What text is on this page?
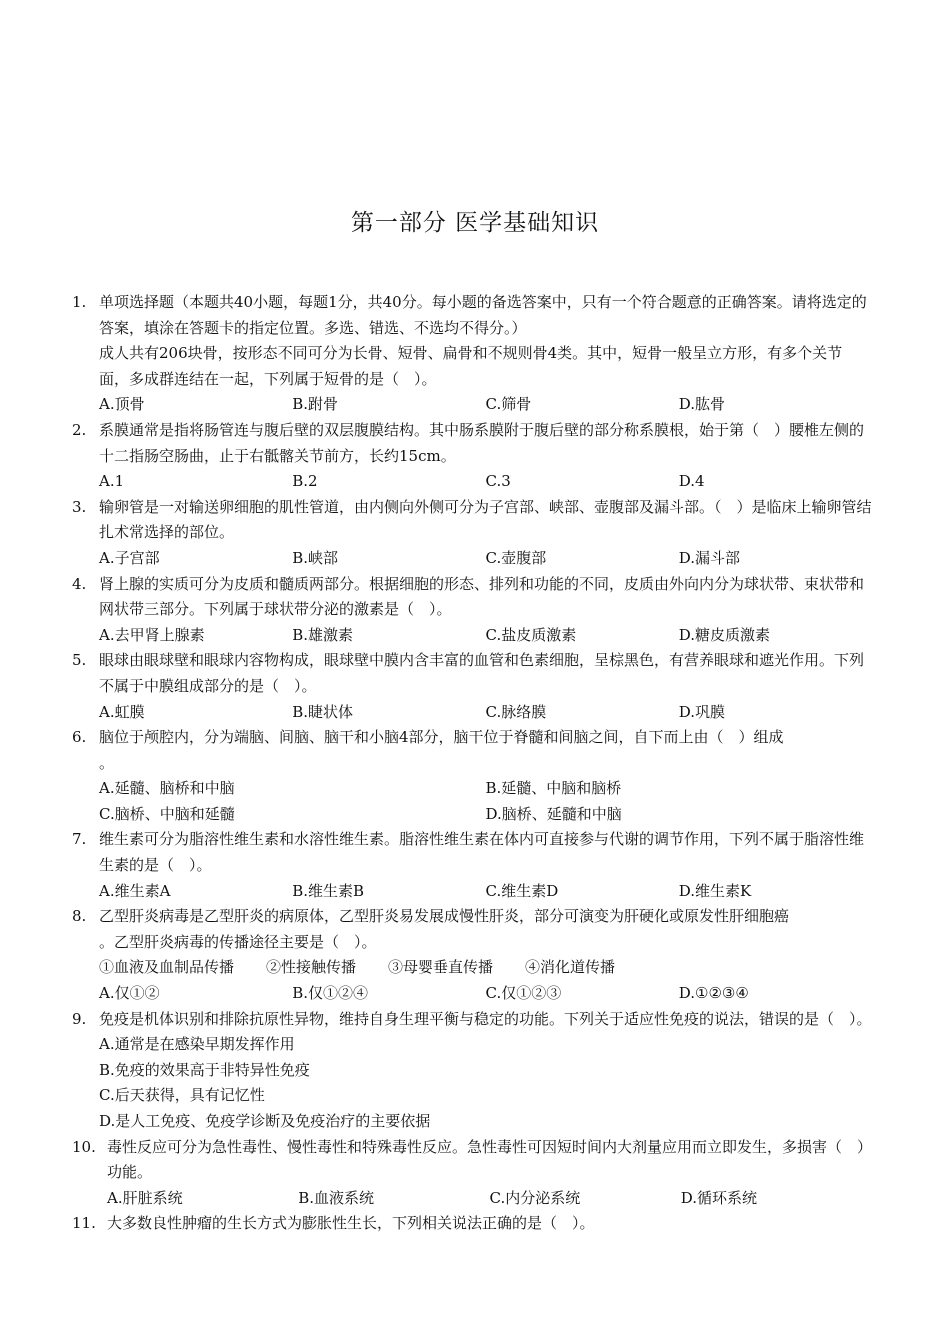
第一部分 医学基础知识
1. 单项选择题（本题共40小题，每题1分，共40分。每小题的备选答案中，只有一个符合题意的正确答案。请将选定的答案，填涂在答题卡的指定位置。多选、错选、不选均不得分。）
成人共有206块骨，按形态不同可分为长骨、短骨、扁骨和不规则骨4类。其中，短骨一般呈立方形，有多个关节面，多成群连结在一起，下列属于短骨的是（　）。
A.顶骨	B.跗骨	C.筛骨	D.肱骨
2. 系膜通常是指将肠管连与腹后壁的双层腹膜结构。其中肠系膜附于腹后壁的部分称系膜根，始于第（　）腰椎左侧的十二指肠空肠曲，止于右骶髂关节前方，长约15cm。
A.1	B.2	C.3	D.4
3. 输卵管是一对输送卵细胞的肌性管道，由内侧向外侧可分为子宫部、峡部、壶腹部及漏斗部。（　）是临床上输卵管结扎术常选择的部位。
A.子宫部	B.峡部	C.壶腹部	D.漏斗部
4. 肾上腺的实质可分为皮质和髓质两部分。根据细胞的形态、排列和功能的不同，皮质由外向内分为球状带、束状带和网状带三部分。下列属于球状带分泌的激素是（　）。
A.去甲肾上腺素	B.雄激素	C.盐皮质激素	D.糖皮质激素
5. 眼球由眼球壁和眼球内容物构成，眼球壁中膜内含丰富的血管和色素细胞，呈棕黑色，有营养眼球和遮光作用。下列不属于中膜组成部分的是（　）。
A.虹膜	B.睫状体	C.脉络膜	D.巩膜
6. 脑位于颅腔内，分为端脑、间脑、脑干和小脑4部分，脑干位于脊髓和间脑之间，自下而上由（　）组成
。
A.延髓、脑桥和中脑	B.延髓、中脑和脑桥
C.脑桥、中脑和延髓	D.脑桥、延髓和中脑
7. 维生素可分为脂溶性维生素和水溶性维生素。脂溶性维生素在体内可直接参与代谢的调节作用，下列不属于脂溶性维生素的是（　）。
A.维生素A	B.维生素B	C.维生素D	D.维生素K
8. 乙型肝炎病毒是乙型肝炎的病原体，乙型肝炎易发展成慢性肝炎，部分可演变为肝硬化或原发性肝细胞癌
。乙型肝炎病毒的传播途径主要是（　）。
①血液及血制品传播 ②性接触传播 ③母婴垂直传播 ④消化道传播
A.仅①②	B.仅①②④	C.仅①②③	D.①②③④
9. 免疫是机体识别和排除抗原性异物，维持自身生理平衡与稳定的功能。下列关于适应性免疫的说法，错误的是（　）。
A.通常是在感染早期发挥作用
B.免疫的效果高于非特异性免疫
C.后天获得，具有记忆性
D.是人工免疫、免疫学诊断及免疫治疗的主要依据
10. 毒性反应可分为急性毒性、慢性毒性和特殊毒性反应。急性毒性可因短时间内大剂量应用而立即发生，多损害（　）功能。
A.肝脏系统	B.血液系统	C.内分泌系统	D.循环系统
11. 大多数良性肿瘤的生长方式为膨胀性生长，下列相关说法正确的是（　）。
